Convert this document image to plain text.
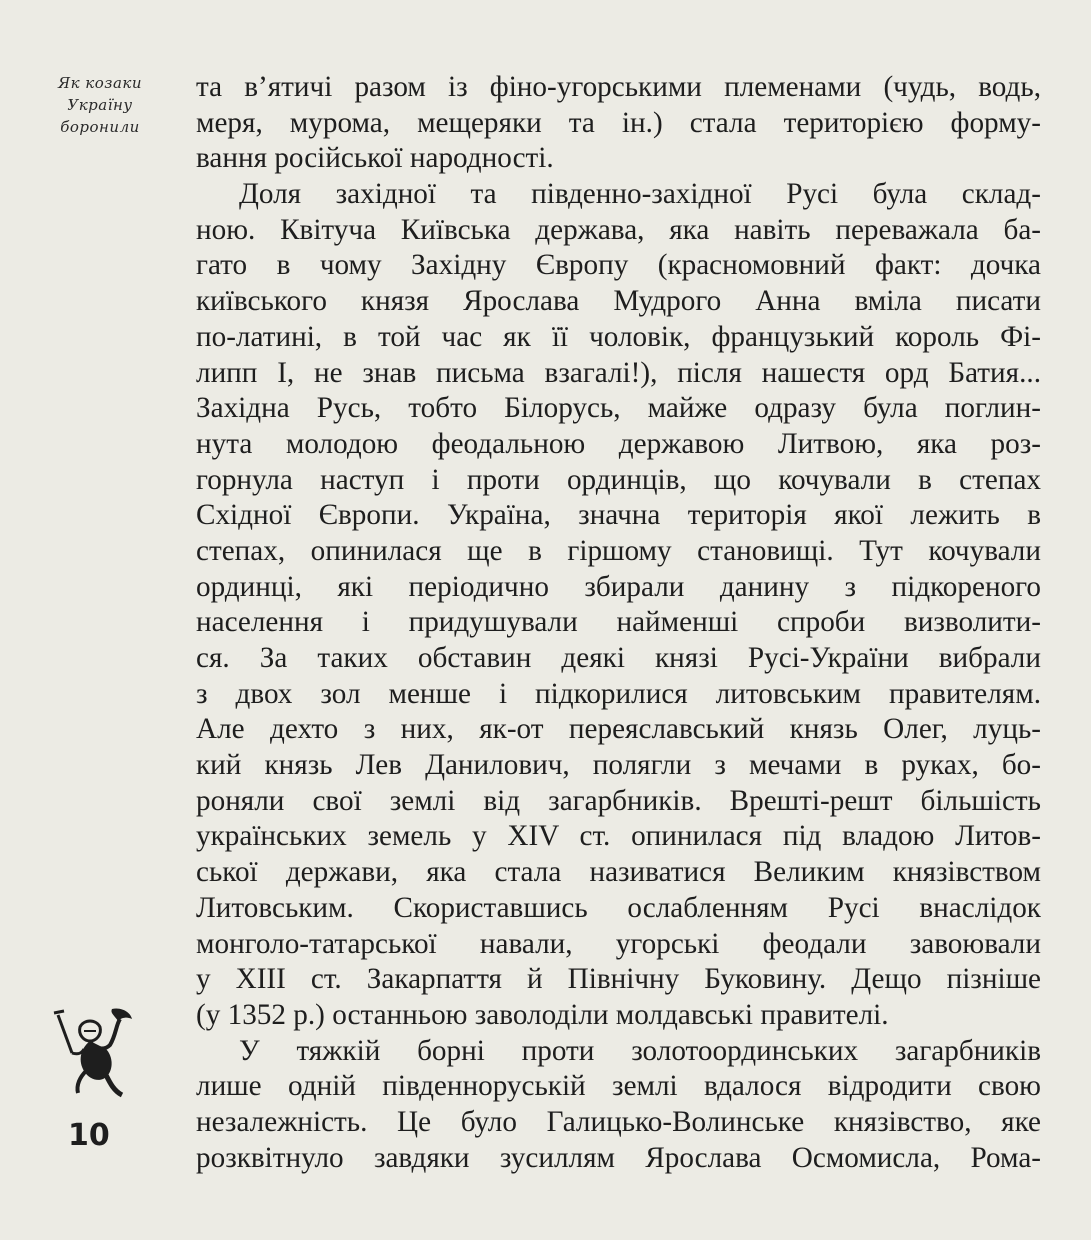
Як козаки
Україну
боронили
та в’ятичі разом із фіно-угорськими племенами (чудь, водь,
меря, мурома, мещеряки та ін.) стала територією форму-
вання російської народності.
Доля західної та південно-західної Русі була склад-
ною. Квітуча Київська держава, яка навіть переважала ба-
гато в чому Західну Європу (красномовний факт: дочка
київського князя Ярослава Мудрого Анна вміла писати
по-латині, в той час як її чоловік, французький король Фі-
липп І, не знав письма взагалі!), після нашестя орд Батия...
Західна Русь, тобто Білорусь, майже одразу була поглин-
нута молодою феодальною державою Литвою, яка роз-
горнула наступ і проти ординців, що кочували в степах
Східної Європи. Україна, значна територія якої лежить в
степах, опинилася ще в гіршому становищі. Тут кочували
ординці, які періодично збирали данину з підкореного
населення і придушували найменші спроби визволити-
ся. За таких обставин деякі князі Русі-України вибрали
з двох зол менше і підкорилися литовським правителям.
Але дехто з них, як-от переяславський князь Олег, луць-
кий князь Лев Данилович, полягли з мечами в руках, бо-
роняли свої землі від загарбників. Врешті-решт більшість
українських земель у XIV ст. опинилася під владою Литов-
ської держави, яка стала називатися Великим князівством
Литовським. Скориставшись ослабленням Русі внаслідок
монголо-татарської навали, угорські феодали завоювали
у XIII ст. Закарпаття й Північну Буковину. Дещо пізніше
(у 1352 р.) останньою заволоділи молдавські правителі.
У тяжкій борні проти золотоординських загарбників
лише одній південноруській землі вдалося відродити свою
незалежність. Це було Галицько-Волинське князівство, яке
розквітнуло завдяки зусиллям Ярослава Осмомисла, Рома-
10
